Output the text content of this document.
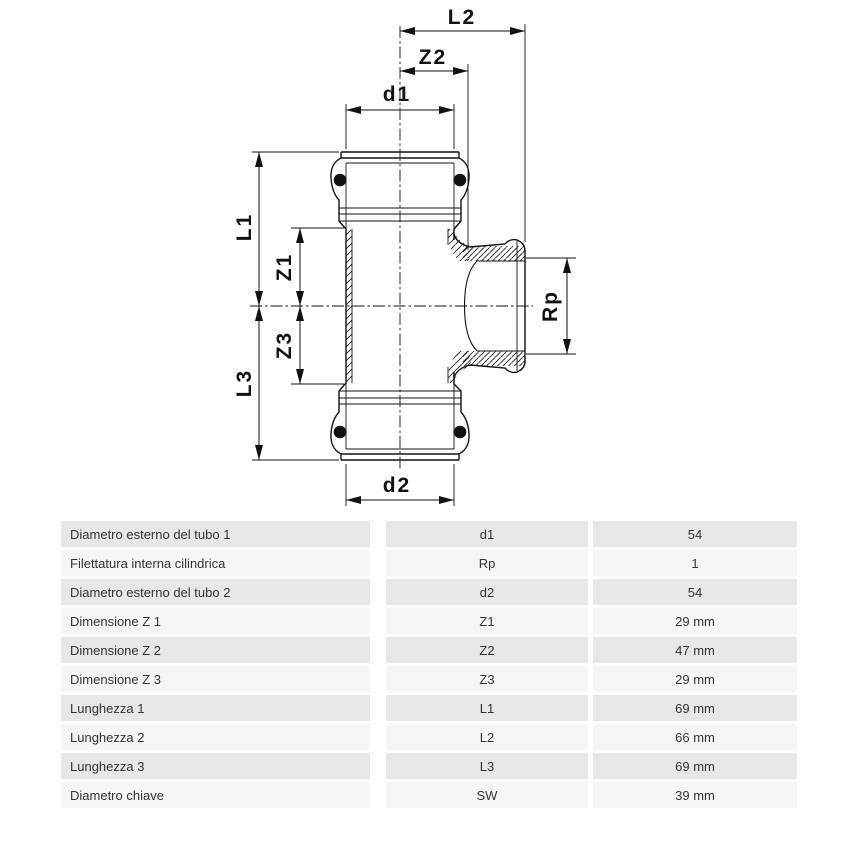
L2
Z2
d1
d2
L1
Z1
Z3
L3
Rp
Diametro esterno del tubo 1	d1	54
Filettatura interna cilindrica	Rp	1
Diametro esterno del tubo 2	d2	54
Dimensione Z 1	Z1	29 mm
Dimensione Z 2	Z2	47 mm
Dimensione Z 3	Z3	29 mm
Lunghezza 1	L1	69 mm
Lunghezza 2	L2	66 mm
Lunghezza 3	L3	69 mm
Diametro chiave	SW	39 mm
